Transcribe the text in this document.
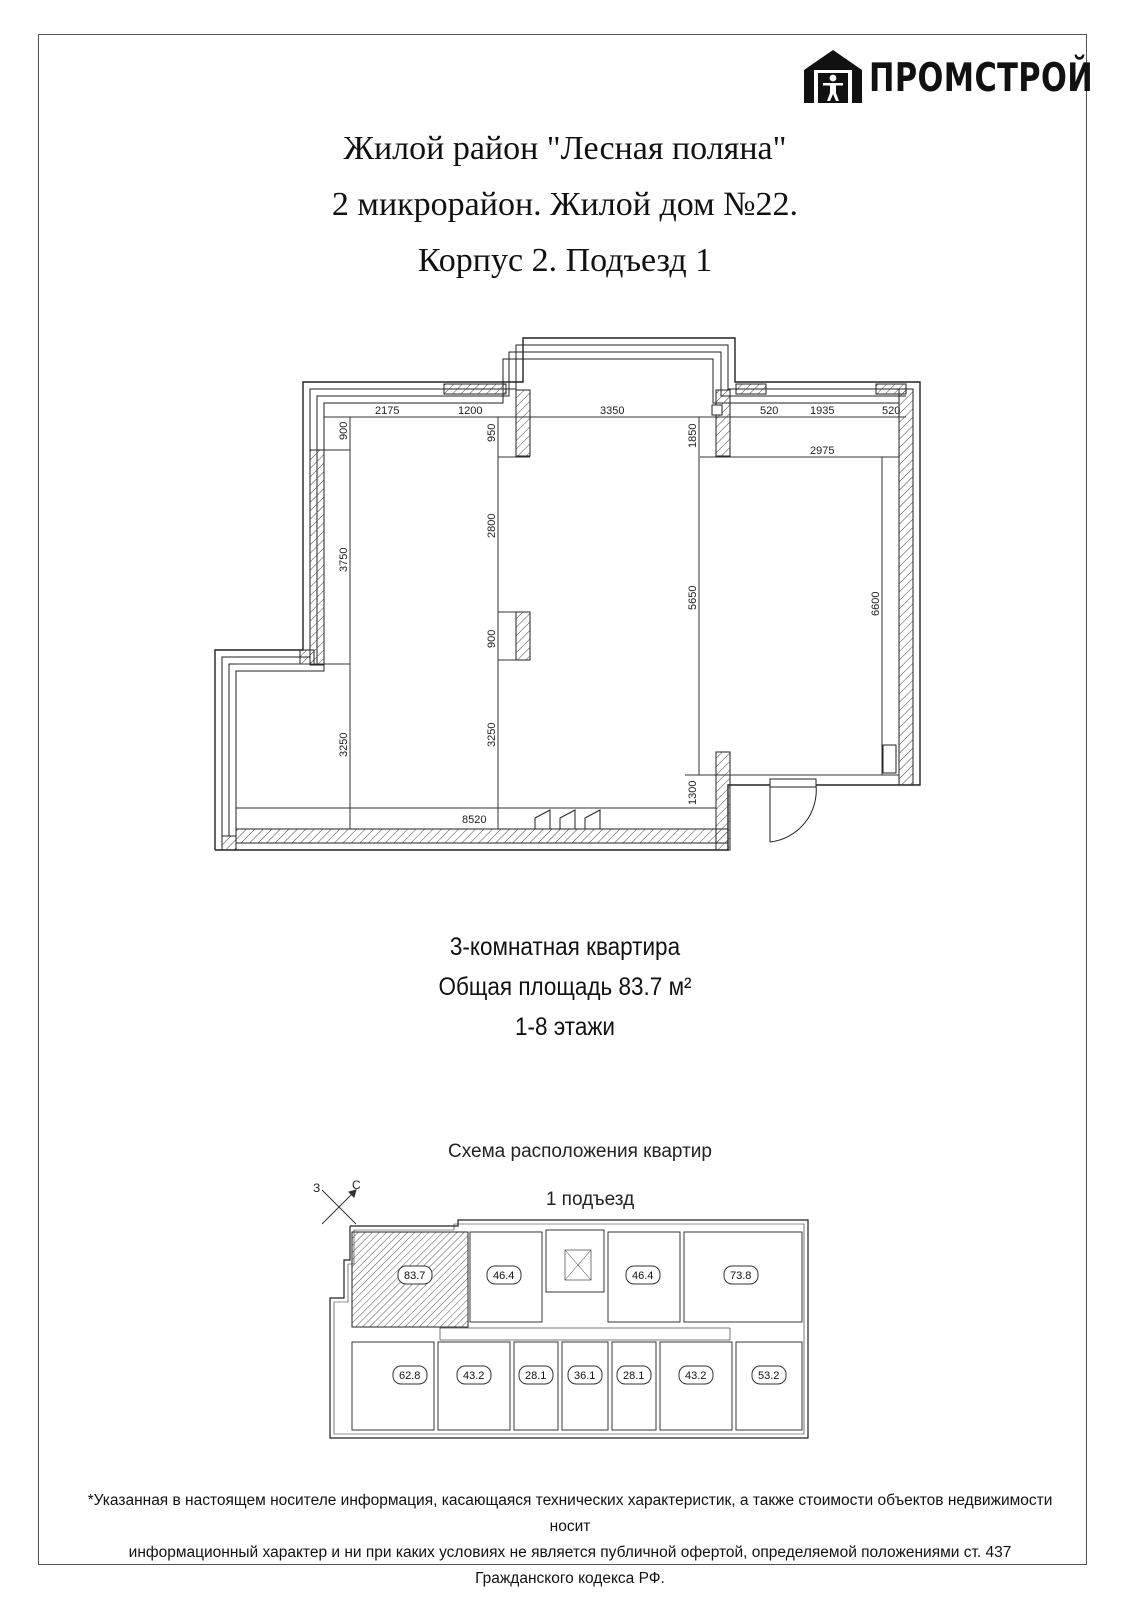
ПРОМСТРОЙ
Жилой район "Лесная поляна"
2 микрорайон. Жилой дом №22.
Корпус 2. Подъезд 1
2175	1200	3350	520	1935	520
2975
8520
900
3750
3250
950
2800
900
3250
1850
5650
1300
6600
3-комнатная квартира
Общая площадь 83.7 м²
1-8 этажи
Схема расположения квартир
1 подъезд
З	С
83.7	46.4	46.4	73.8
62.8	43.2	28.1	36.1	28.1	43.2	53.2
*Указанная в настоящем носителе информация, касающаяся технических характеристик, а также стоимости объектов недвижимости носит
информационный характер и ни при каких условиях не является публичной офертой, определяемой положениями ст. 437 Гражданского кодекса РФ.
